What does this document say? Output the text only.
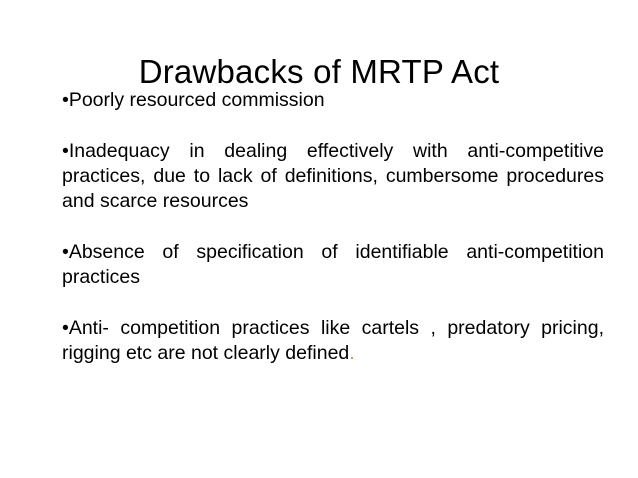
Drawbacks of MRTP Act

•Poorly resourced commission

•Inadequacy in dealing effectively with anti-competitive practices, due to lack of definitions, cumbersome procedures and scarce resources

•Absence of specification of identifiable anti-competition practices

•Anti- competition practices like cartels , predatory pricing, rigging etc are not clearly defined.
